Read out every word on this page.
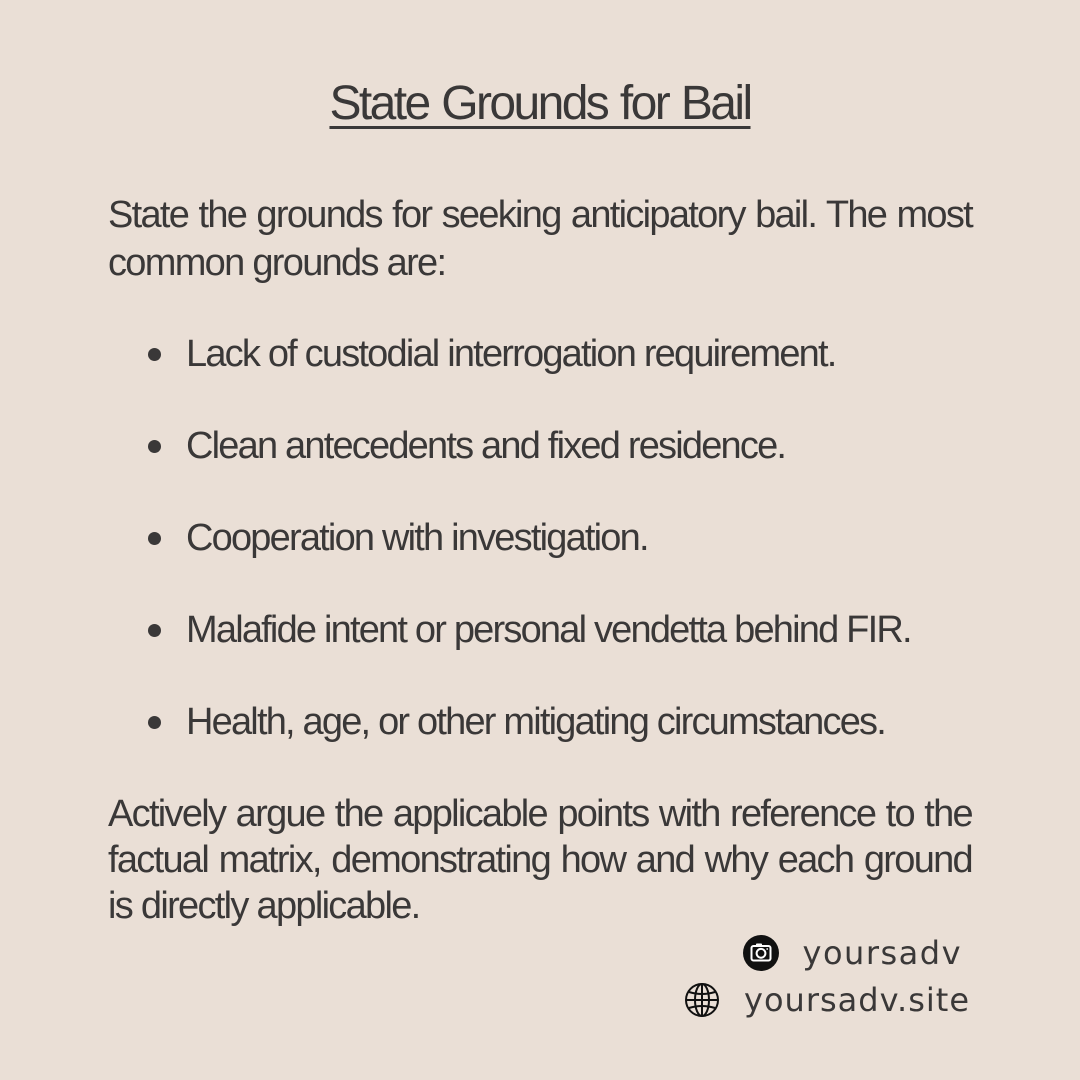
State Grounds for Bail

State the grounds for seeking anticipatory bail. The most common grounds are:

Lack of custodial interrogation requirement.
Clean antecedents and fixed residence.
Cooperation with investigation.
Malafide intent or personal vendetta behind FIR.
Health, age, or other mitigating circumstances.

Actively argue the applicable points with reference to the factual matrix, demonstrating how and why each ground is directly applicable.

yoursadv
yoursadv.site
